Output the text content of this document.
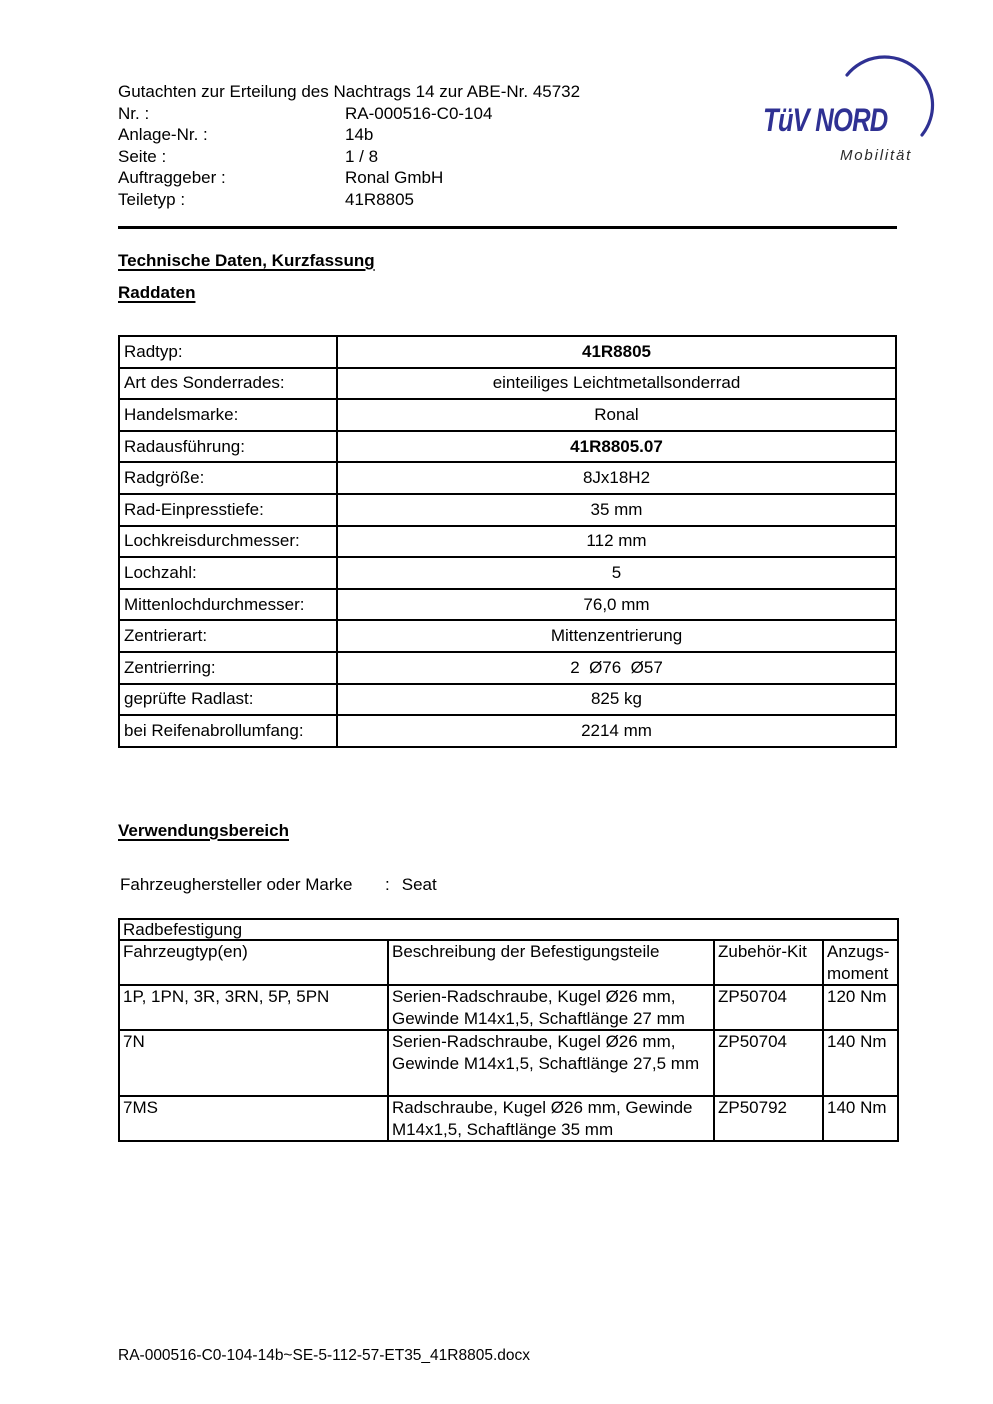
Gutachten zur Erteilung des Nachtrags 14 zur ABE-Nr. 45732
Nr. :	RA-000516-C0-104
Anlage-Nr. :	14b
Seite :	1 / 8
Auftraggeber :	Ronal GmbH
Teiletyp :	41R8805
TüV NORD
Mobilität
Technische Daten, Kurzfassung
Raddaten
Radtyp:	41R8805
Art des Sonderrades:	einteiliges Leichtmetallsonderrad
Handelsmarke:	Ronal
Radausführung:	41R8805.07
Radgröße:	8Jx18H2
Rad-Einpresstiefe:	35 mm
Lochkreisdurchmesser:	112 mm
Lochzahl:	5
Mittenlochdurchmesser:	76,0 mm
Zentrierart:	Mittenzentrierung
Zentrierring:	2  Ø76  Ø57
geprüfte Radlast:	825 kg
bei Reifenabrollumfang:	2214 mm
Verwendungsbereich
Fahrzeughersteller oder Marke	: Seat
Radbefestigung			
Fahrzeugtyp(en)	Beschreibung der Befestigungsteile	Zubehör-Kit	Anzugs-moment
1P, 1PN, 3R, 3RN, 5P, 5PN	Serien-Radschraube, Kugel Ø26 mm, Gewinde M14x1,5, Schaftlänge 27 mm	ZP50704	120 Nm
7N	Serien-Radschraube, Kugel Ø26 mm, Gewinde M14x1,5, Schaftlänge 27,5 mm	ZP50704	140 Nm
7MS	Radschraube, Kugel Ø26 mm, Gewinde M14x1,5, Schaftlänge 35 mm	ZP50792	140 Nm
RA-000516-C0-104-14b~SE-5-112-57-ET35_41R8805.docx
